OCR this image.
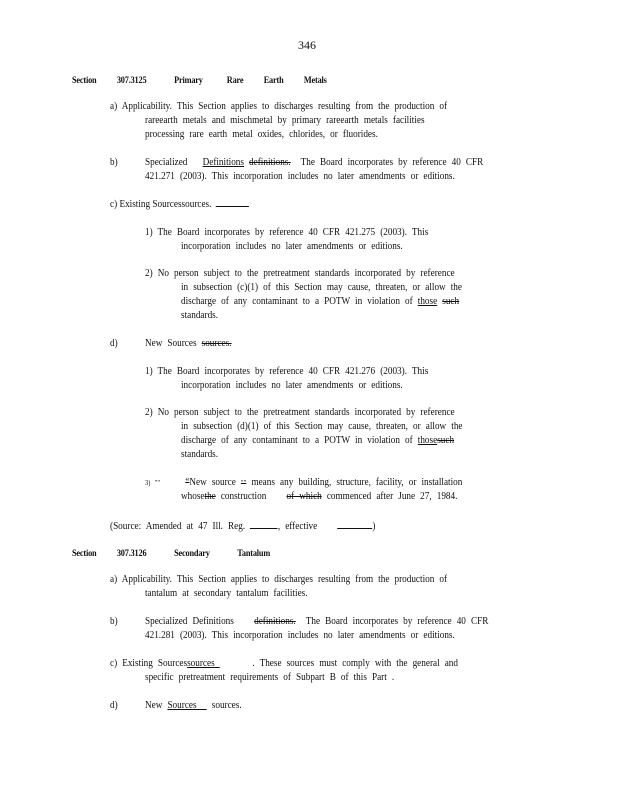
346
Section 307.3125	Primary	Rare Earth Metals
a) Applicability. This Section applies to discharges resulting from the production of
rareearth metals and mischmetal by primary rareearth metals facilities
processing rare earth metal oxides, chlorides, or fluorides.
b)	Specialized Definitions definitions. The Board incorporates by reference 40 CFR
421.271 (2003). This incorporation includes no later amendments or editions.
c) Existing Sourcessources.
1) The Board incorporates by reference 40 CFR 421.275 (2003). This
incorporation includes no later amendments or editions.
2) No person subject to the pretreatment standards incorporated by reference
in subsection (c)(1) of this Section may cause, threaten, or allow the
discharge of any contaminant to a POTW in violation of those such
standards.
d)	New Sources sources.
1) The Board incorporates by reference 40 CFR 421.276 (2003). This
incorporation includes no later amendments or editions.
2) No person subject to the pretreatment standards incorporated by reference
in subsection (d)(1) of this Section may cause, threaten, or allow the
discharge of any contaminant to a POTW in violation of thosesuch
standards.
$^{3) ""}$	“New source "” means any building, structure, facility, or installation
whosethe construction of which commenced after June 27, 1984.
(Source: Amended at 47 Ill. Reg.	, effective	)
Section 307.3126	Secondary	Tantalum
a) Applicability. This Section applies to discharges resulting from the production of
tantalum at secondary tantalum facilities.
b)	Specialized Definitions definitions. The Board incorporates by reference 40 CFR
421.281 (2003). This incorporation includes no later amendments or editions.
c) Existing Sourcessources	. These sources must comply with the general and
specific pretreatment requirements of Subpart B of this Part .
d)	New Sources sources.
